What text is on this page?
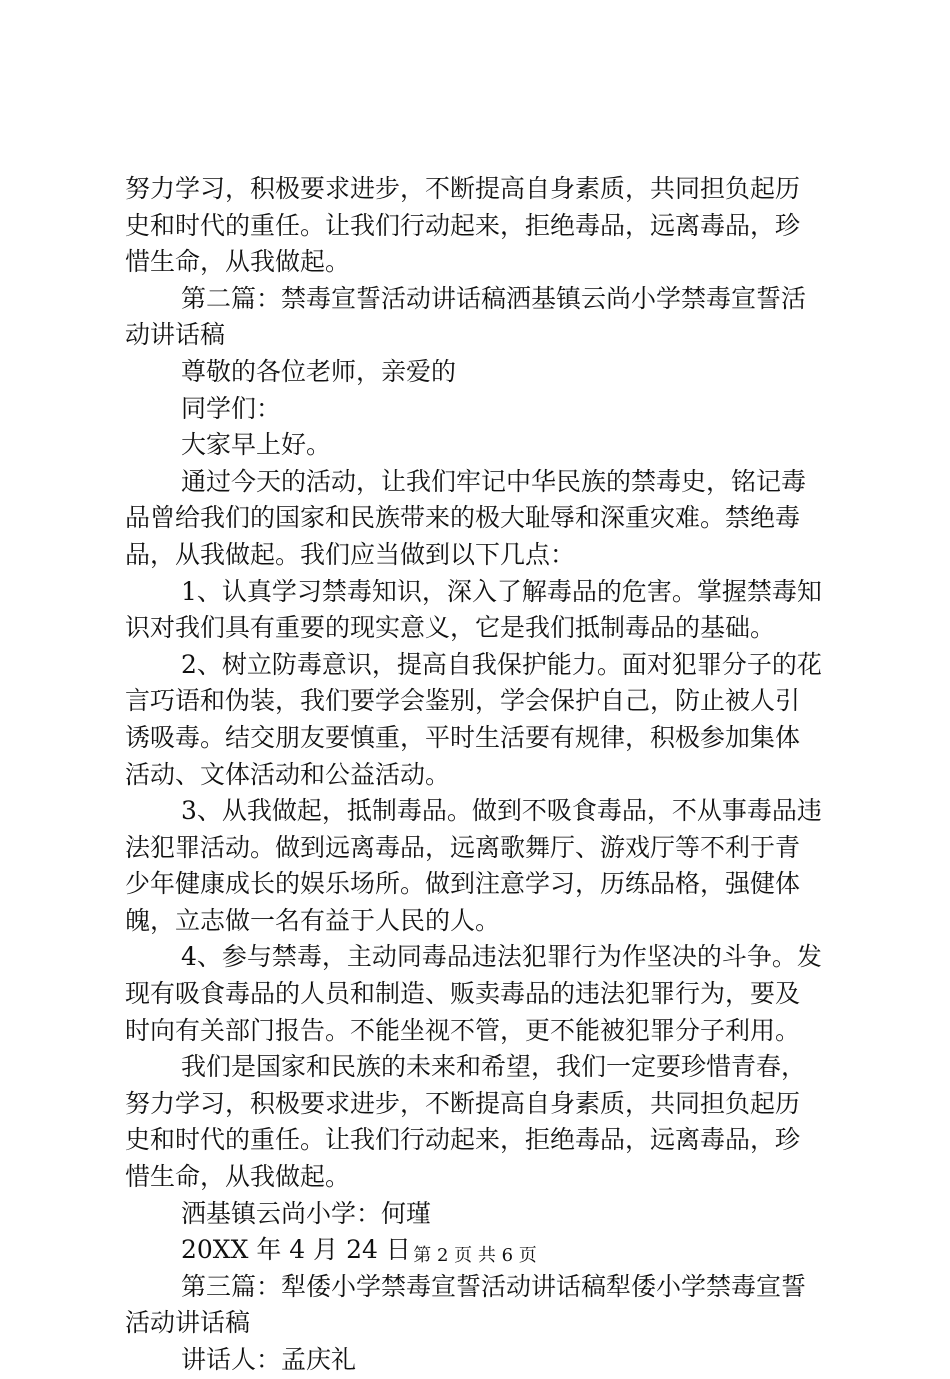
努力学习，积极要求进步，不断提高自身素质，共同担负起历
史和时代的重任。让我们行动起来，拒绝毒品，远离毒品，珍
惜生命，从我做起。
第二篇：禁毒宣誓活动讲话稿洒基镇云尚小学禁毒宣誓活
动讲话稿
尊敬的各位老师，亲爱的
同学们：
大家早上好。
通过今天的活动，让我们牢记中华民族的禁毒史，铭记毒
品曾给我们的国家和民族带来的极大耻辱和深重灾难。禁绝毒
品，从我做起。我们应当做到以下几点：
1、认真学习禁毒知识，深入了解毒品的危害。掌握禁毒知
识对我们具有重要的现实意义，它是我们抵制毒品的基础。
2、树立防毒意识，提高自我保护能力。面对犯罪分子的花
言巧语和伪装，我们要学会鉴别，学会保护自己，防止被人引
诱吸毒。结交朋友要慎重，平时生活要有规律，积极参加集体
活动、文体活动和公益活动。
3、从我做起，抵制毒品。做到不吸食毒品，不从事毒品违
法犯罪活动。做到远离毒品，远离歌舞厅、游戏厅等不利于青
少年健康成长的娱乐场所。做到注意学习，历练品格，强健体
魄，立志做一名有益于人民的人。
4、参与禁毒，主动同毒品违法犯罪行为作坚决的斗争。发
现有吸食毒品的人员和制造、贩卖毒品的违法犯罪行为，要及
时向有关部门报告。不能坐视不管，更不能被犯罪分子利用。
我们是国家和民族的未来和希望，我们一定要珍惜青春，
努力学习，积极要求进步，不断提高自身素质，共同担负起历
史和时代的重任。让我们行动起来，拒绝毒品，远离毒品，珍
惜生命，从我做起。
洒基镇云尚小学：何瑾
20XX 年 4 月 24 日
第三篇：犁倭小学禁毒宣誓活动讲话稿犁倭小学禁毒宣誓
活动讲话稿
讲话人：孟庆礼
第 2 页 共 6 页
